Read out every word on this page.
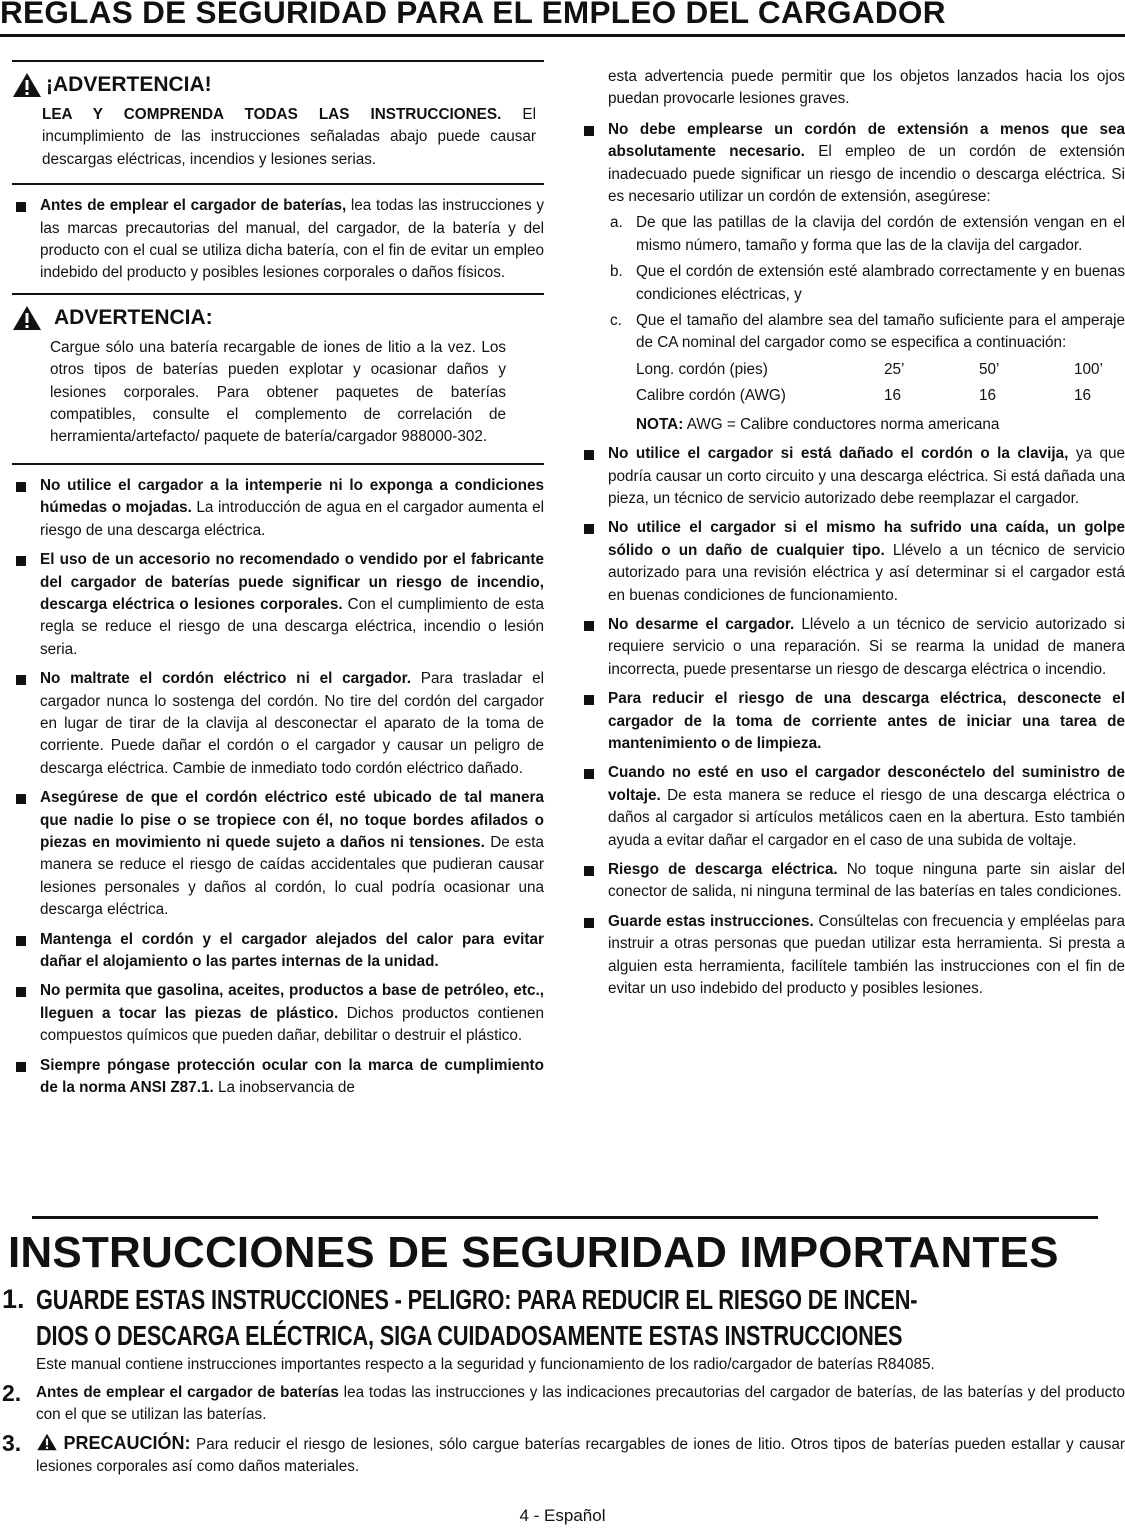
REGLAS DE SEGURIDAD PARA EL EMPLEO DEL CARGADOR
¡ADVERTENCIA!
LEA Y COMPRENDA TODAS LAS INSTRUCCIONES. El incumplimiento de las instrucciones señaladas abajo puede causar descargas eléctricas, incendios y lesiones serias.
Antes de emplear el cargador de baterías, lea todas las instrucciones y las marcas precautorias del manual, del cargador, de la batería y del producto con el cual se utiliza dicha batería, con el fin de evitar un empleo indebido del producto y posibles lesiones corporales o daños físicos.
ADVERTENCIA:
Cargue sólo una batería recargable de iones de litio a la vez. Los otros tipos de baterías pueden explotar y ocasionar daños y lesiones corporales. Para obtener paquetes de baterías compatibles, consulte el complemento de correlación de herramienta/artefacto/ paquete de batería/cargador 988000-302.
No utilice el cargador a la intemperie ni lo exponga a condiciones húmedas o mojadas. La introducción de agua en el cargador aumenta el riesgo de una descarga eléctrica.
El uso de un accesorio no recomendado o vendido por el fabricante del cargador de baterías puede significar un riesgo de incendio, descarga eléctrica o lesiones corporales. Con el cumplimiento de esta regla se reduce el riesgo de una descarga eléctrica, incendio o lesión seria.
No maltrate el cordón eléctrico ni el cargador. Para trasladar el cargador nunca lo sostenga del cordón. No tire del cordón del cargador en lugar de tirar de la clavija al desconectar el aparato de la toma de corriente. Puede dañar el cordón o el cargador y causar un peligro de descarga eléctrica. Cambie de inmediato todo cordón eléctrico dañado.
Asegúrese de que el cordón eléctrico esté ubicado de tal manera que nadie lo pise o se tropiece con él, no toque bordes afilados o piezas en movimiento ni quede sujeto a daños ni tensiones. De esta manera se reduce el riesgo de caídas accidentales que pudieran causar lesiones personales y daños al cordón, lo cual podría ocasionar una descarga eléctrica.
Mantenga el cordón y el cargador alejados del calor para evitar dañar el alojamiento o las partes internas de la unidad.
No permita que gasolina, aceites, productos a base de petróleo, etc., lleguen a tocar las piezas de plástico. Dichos productos contienen compuestos químicos que pueden dañar, debilitar o destruir el plástico.
Siempre póngase protección ocular con la marca de cumplimiento de la norma ANSI Z87.1. La inobservancia de

esta advertencia puede permitir que los objetos lanzados hacia los ojos puedan provocarle lesiones graves.

No debe emplearse un cordón de extensión a menos que sea absolutamente necesario. El empleo de un cordón de extensión inadecuado puede significar un riesgo de incendio o descarga eléctrica. Si es necesario utilizar un cordón de extensión, asegúrese:
a. De que las patillas de la clavija del cordón de extensión vengan en el mismo número, tamaño y forma que las de la clavija del cargador.
b. Que el cordón de extensión esté alambrado correctamente y en buenas condiciones eléctricas, y
c. Que el tamaño del alambre sea del tamaño suficiente para el amperaje de CA nominal del cargador como se especifica a continuación:
Long. cordón (pies)	25’	50’	100’
Calibre cordón (AWG)	16	16	16
NOTA: AWG = Calibre conductores norma americana
No utilice el cargador si está dañado el cordón o la clavija, ya que podría causar un corto circuito y una descarga eléctrica. Si está dañada una pieza, un técnico de servicio autorizado debe reemplazar el cargador.
No utilice el cargador si el mismo ha sufrido una caída, un golpe sólido o un daño de cualquier tipo. Llévelo a un técnico de servicio autorizado para una revisión eléctrica y así determinar si el cargador está en buenas condiciones de funcionamiento.
No desarme el cargador. Llévelo a un técnico de servicio autorizado si requiere servicio o una reparación. Si se rearma la unidad de manera incorrecta, puede presentarse un riesgo de descarga eléctrica o incendio.
Para reducir el riesgo de una descarga eléctrica, desconecte el cargador de la toma de corriente antes de iniciar una tarea de mantenimiento o de limpieza.
Cuando no esté en uso el cargador desconéctelo del suministro de voltaje. De esta manera se reduce el riesgo de una descarga eléctrica o daños al cargador si artículos metálicos caen en la abertura. Esto también ayuda a evitar dañar el cargador en el caso de una subida de voltaje.
Riesgo de descarga eléctrica. No toque ninguna parte sin aislar del conector de salida, ni ninguna terminal de las baterías en tales condiciones.
Guarde estas instrucciones. Consúltelas con frecuencia y empléelas para instruir a otras personas que puedan utilizar esta herramienta. Si presta a alguien esta herramienta, facilítele también las instrucciones con el fin de evitar un uso indebido del producto y posibles lesiones.
INSTRUCCIONES DE SEGURIDAD IMPORTANTES
1. GUARDE ESTAS INSTRUCCIONES - PELIGRO: PARA REDUCIR EL RIESGO DE INCEN-
DIOS O DESCARGA ELÉCTRICA, SIGA CUIDADOSAMENTE ESTAS INSTRUCCIONES
Este manual contiene instrucciones importantes respecto a la seguridad y funcionamiento de los radio/cargador de baterías R84085.
2. Antes de emplear el cargador de baterías lea todas las instrucciones y las indicaciones precautorias del cargador de baterías, de las baterías y del producto con el que se utilizan las baterías.
3. PRECAUCIÓN: Para reducir el riesgo de lesiones, sólo cargue baterías recargables de iones de litio. Otros tipos de baterías pueden estallar y causar lesiones corporales así como daños materiales.
4 - Español
